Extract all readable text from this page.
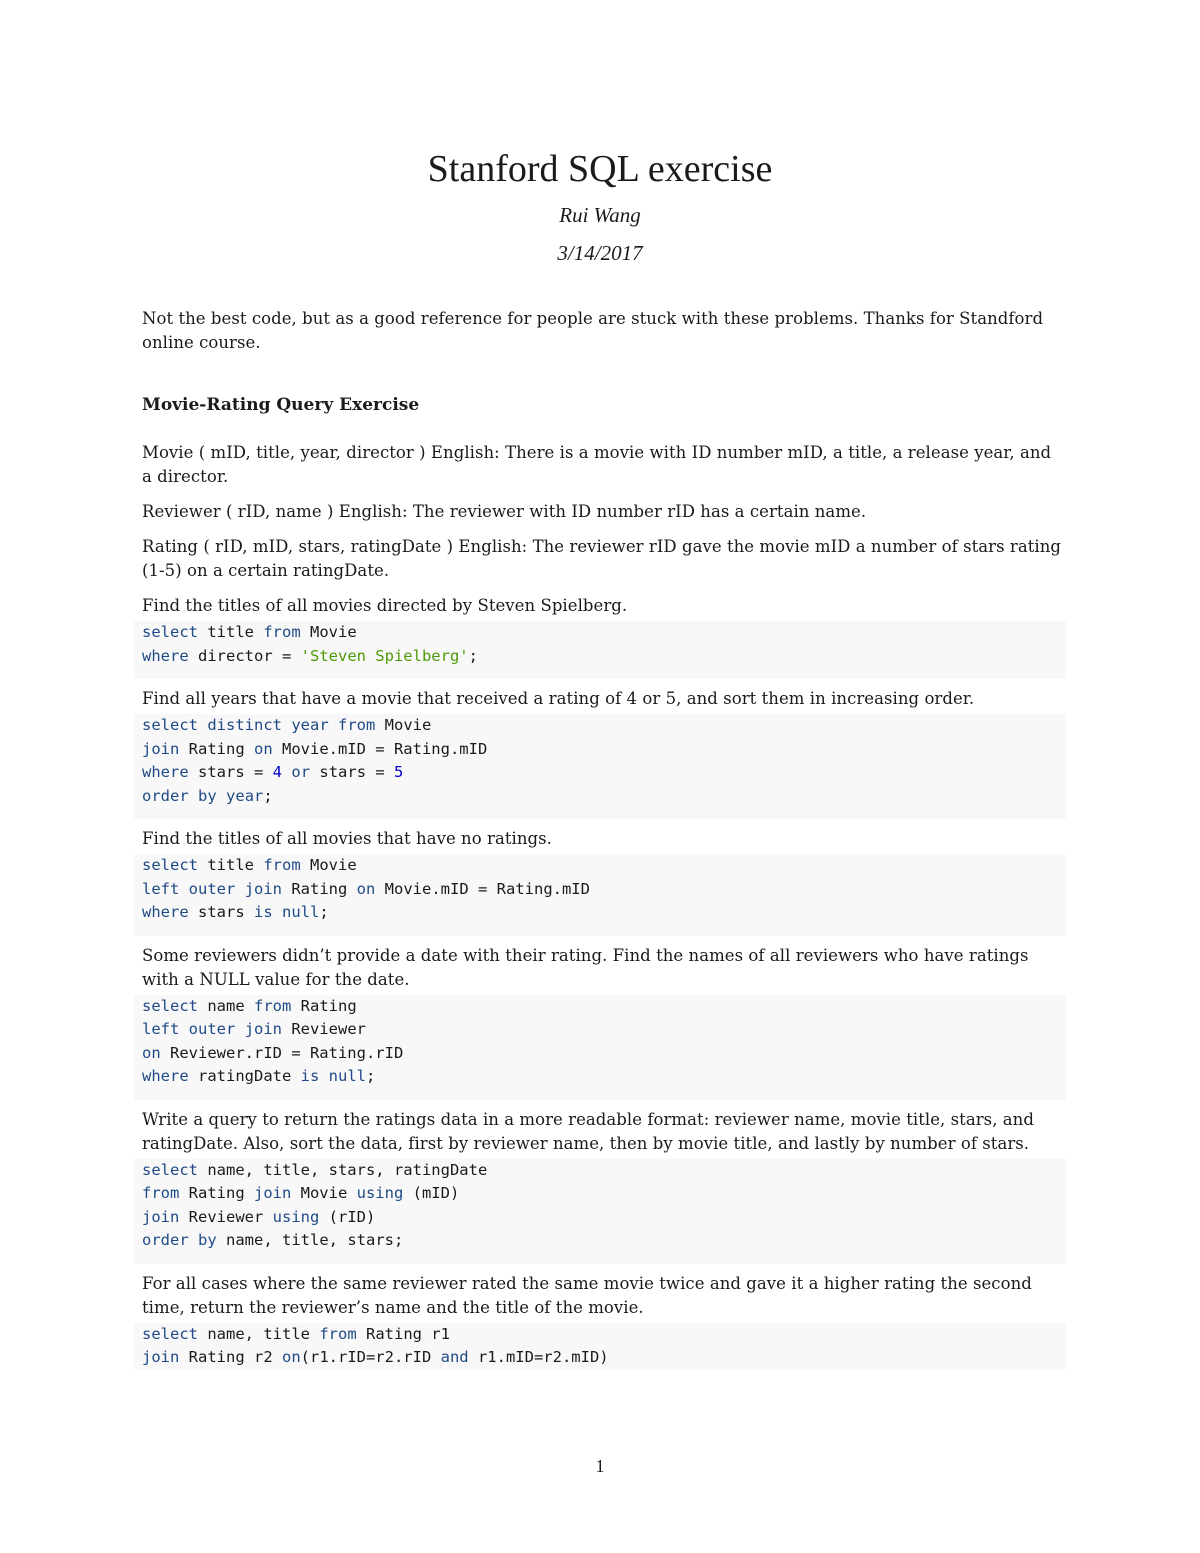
Stanford SQL exercise
Rui Wang
3/14/2017

Not the best code, but as a good reference for people are stuck with these problems. Thanks for Standford online course.

Movie-Rating Query Exercise

Movie ( mID, title, year, director ) English: There is a movie with ID number mID, a title, a release year, and a director.

Reviewer ( rID, name ) English: The reviewer with ID number rID has a certain name.

Rating ( rID, mID, stars, ratingDate ) English: The reviewer rID gave the movie mID a number of stars rating (1-5) on a certain ratingDate.

Find the titles of all movies directed by Steven Spielberg.

select title from Movie
where director = 'Steven Spielberg';

Find all years that have a movie that received a rating of 4 or 5, and sort them in increasing order.

select distinct year from Movie
join Rating on Movie.mID = Rating.mID
where stars = 4 or stars = 5
order by year;

Find the titles of all movies that have no ratings.

select title from Movie
left outer join Rating on Movie.mID = Rating.mID
where stars is null;

Some reviewers didn’t provide a date with their rating. Find the names of all reviewers who have ratings with a NULL value for the date.

select name from Rating
left outer join Reviewer
on Reviewer.rID = Rating.rID
where ratingDate is null;

Write a query to return the ratings data in a more readable format: reviewer name, movie title, stars, and ratingDate. Also, sort the data, first by reviewer name, then by movie title, and lastly by number of stars.

select name, title, stars, ratingDate
from Rating join Movie using (mID)
join Reviewer using (rID)
order by name, title, stars;

For all cases where the same reviewer rated the same movie twice and gave it a higher rating the second time, return the reviewer’s name and the title of the movie.

select name, title from Rating r1
join Rating r2 on(r1.rID=r2.rID and r1.mID=r2.mID)
1
